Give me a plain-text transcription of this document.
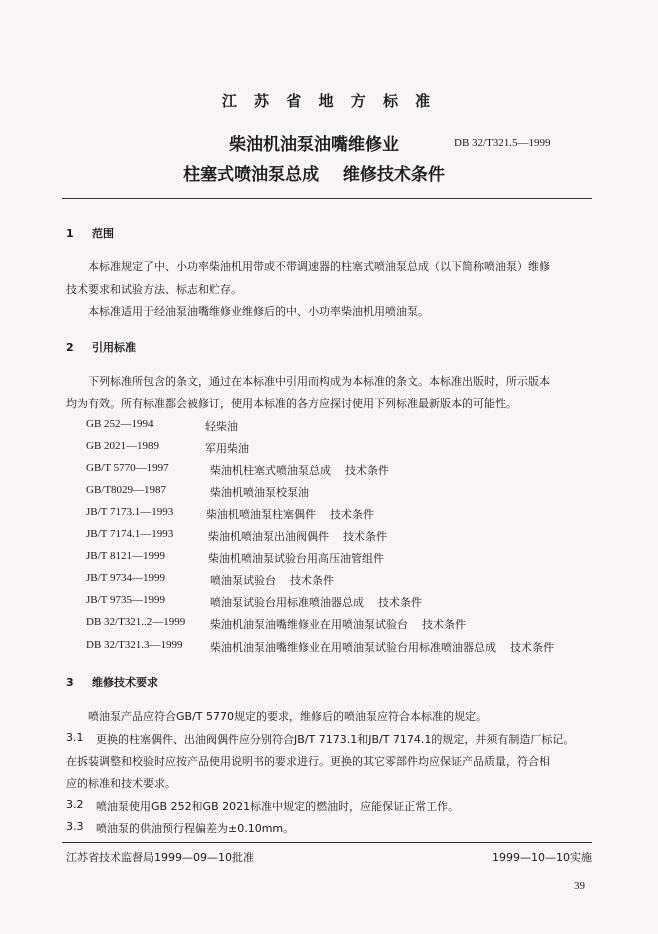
江 苏 省 地 方 标 准
柴油机油泵油嘴维修业	DB 32/T321.5—1999
柱塞式喷油泵总成    维修技术条件
1 范围
本标准规定了中、小功率柴油机用带或不带调速器的柱塞式喷油泵总成（以下简称喷油泵）维修
技术要求和试验方法、标志和贮存。
本标准适用于经油泵油嘴维修业维修后的中、小功率柴油机用喷油泵。
2 引用标准
下列标准所包含的条文，通过在本标准中引用而构成为本标准的条文。本标准出版时，所示版本
均为有效。所有标准都会被修订，使用本标准的各方应探讨使用下列标准最新版本的可能性。
GB 252—1994	轻柴油
GB 2021—1989	军用柴油
GB/T 5770—1997	柴油机柱塞式喷油泵总成    技术条件
GB/T8029—1987	柴油机喷油泵校泵油
JB/T 7173.1—1993	柴油机喷油泵柱塞偶件    技术条件
JB/T 7174.1—1993	柴油机喷油泵出油阀偶件    技术条件
JB/T 8121—1999	柴油机喷油泵试验台用高压油管组件
JB/T 9734—1999	喷油泵试验台    技术条件
JB/T 9735—1999	喷油泵试验台用标准喷油器总成    技术条件
DB 32/T321..2—1999 柴油机油泵油嘴维修业在用喷油泵试验台    技术条件
DB 32/T321.3—1999 柴油机油泵油嘴维修业在用喷油泵试验台用标准喷油器总成    技术条件
3 维修技术要求
喷油泵产品应符合GB/T 5770规定的要求，维修后的喷油泵应符合本标准的规定。
3.1 更换的柱塞偶件、出油阀偶件应分别符合JB/T 7173.1和JB/T 7174.1的规定，并须有制造厂标记。
在拆装调整和校验时应按产品使用说明书的要求进行。更换的其它零部件均应保证产品质量，符合相
应的标准和技术要求。
3.2 喷油泵使用GB 252和GB 2021标准中规定的燃油时，应能保证正常工作。
3.3 喷油泵的供油预行程偏差为±0.10mm。
江苏省技术监督局1999—09—10批准	1999—10—10实施
39
